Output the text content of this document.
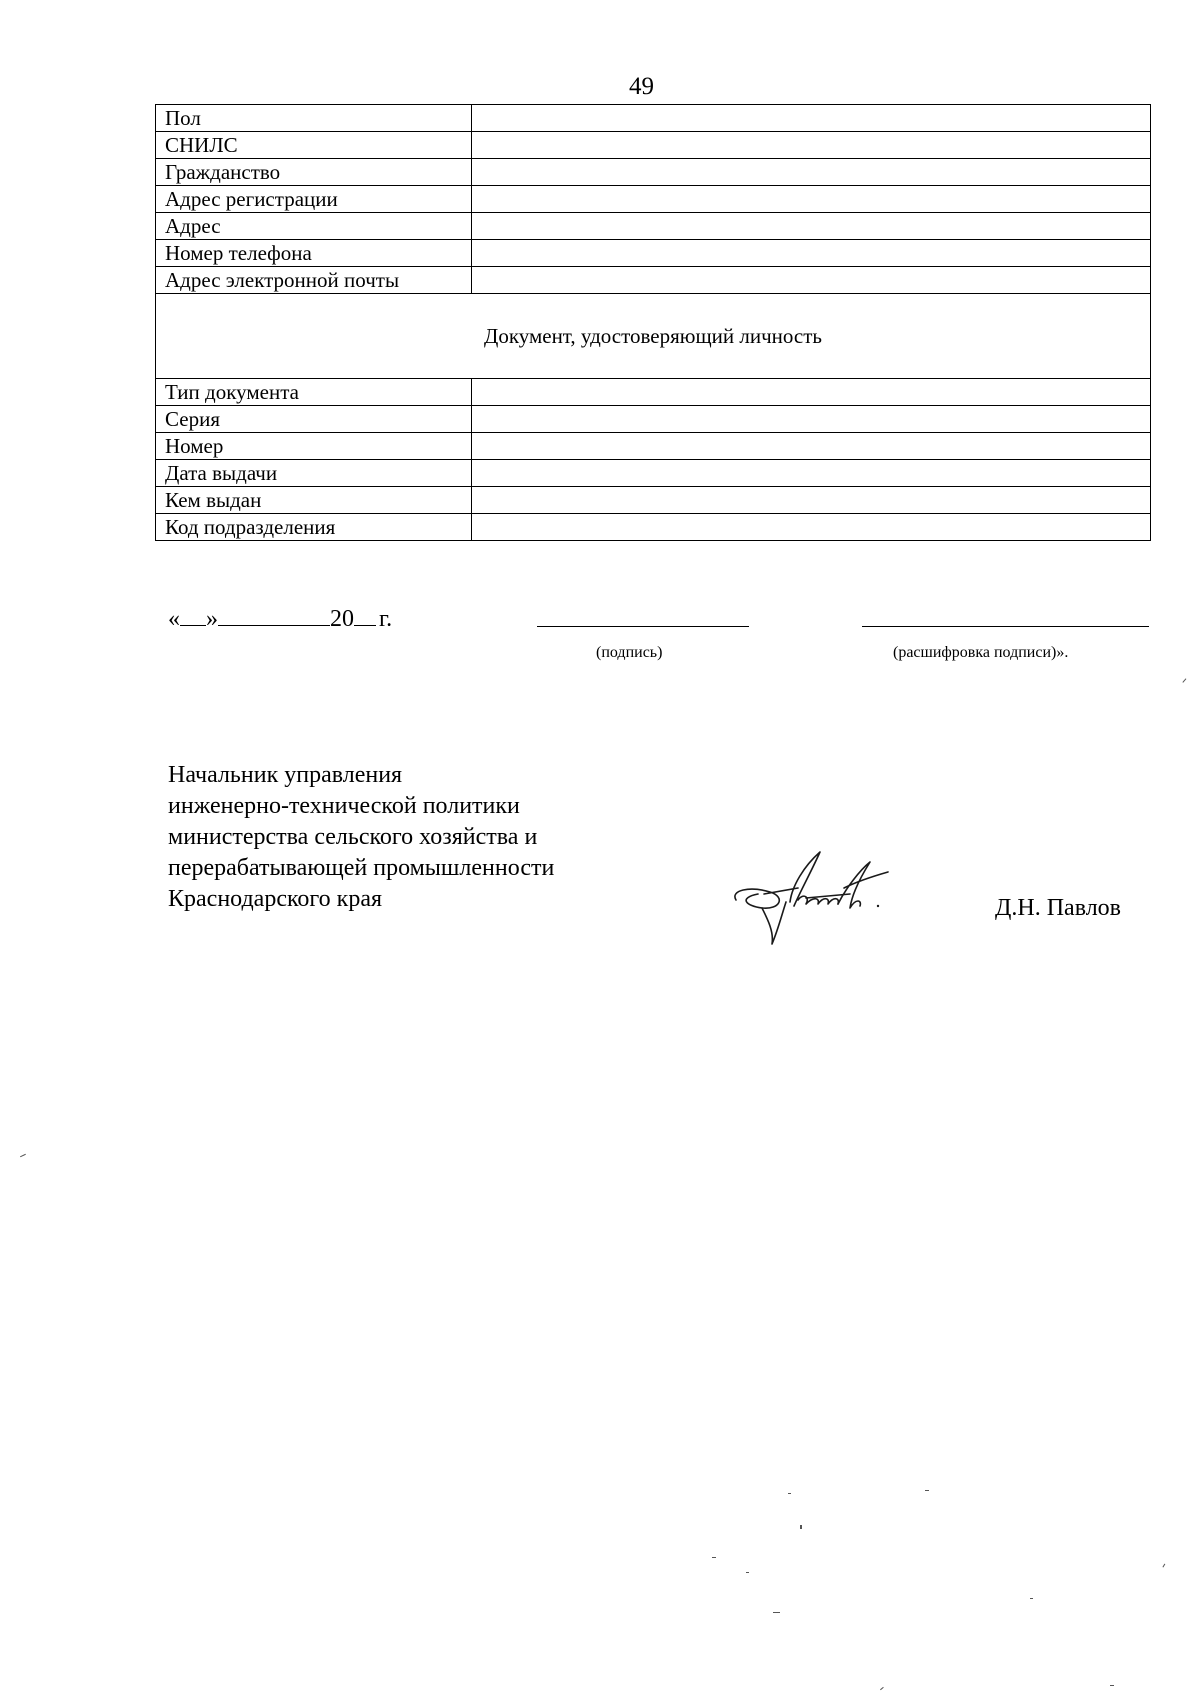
49
Пол	
СНИЛС	
Гражданство	
Адрес регистрации	
Адрес	
Номер телефона	
Адрес электронной почты	
Документ, удостоверяющий личность	
Тип документа	
Серия	
Номер	
Дата выдачи	
Кем выдан	
Код подразделения	
« »	20 г.
(подпись)	(расшифровка подписи)».
Начальник управления
инженерно-технической политики
министерства сельского хозяйства и
перерабатывающей промышленности
Краснодарского края	Д.Н. Павлов
